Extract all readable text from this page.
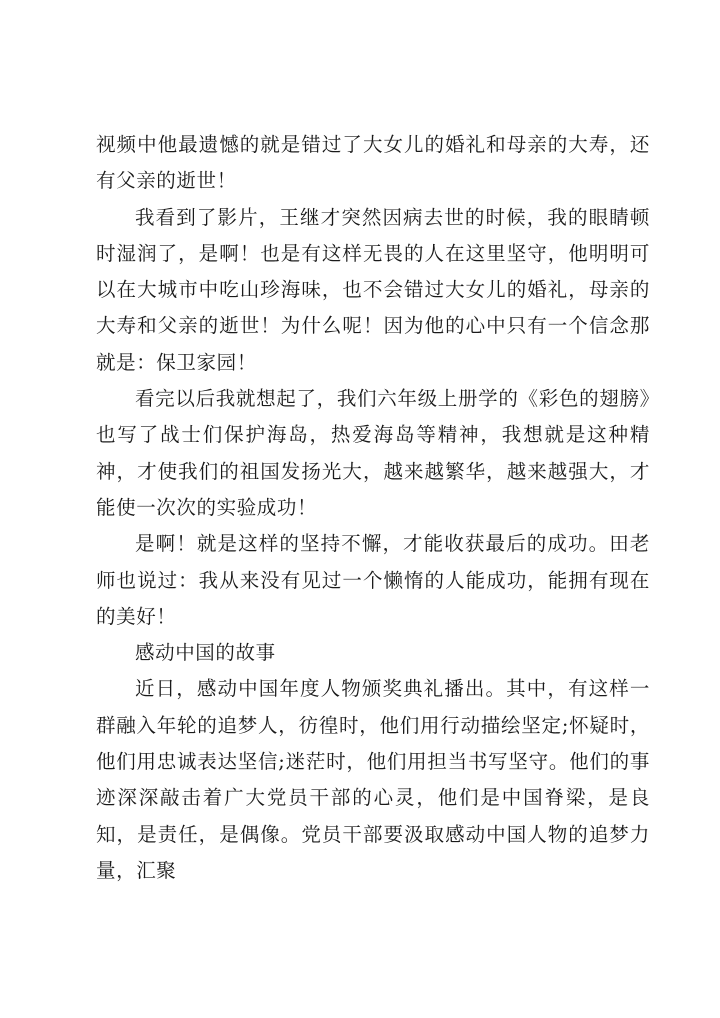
视频中他最遗憾的就是错过了大女儿的婚礼和母亲的大寿，还有父亲的逝世！

我看到了影片，王继才突然因病去世的时候，我的眼睛顿时湿润了，是啊！也是有这样无畏的人在这里坚守，他明明可以在大城市中吃山珍海味，也不会错过大女儿的婚礼，母亲的大寿和父亲的逝世！为什么呢！因为他的心中只有一个信念那就是：保卫家园！

看完以后我就想起了，我们六年级上册学的《彩色的翅膀》也写了战士们保护海岛，热爱海岛等精神，我想就是这种精神，才使我们的祖国发扬光大，越来越繁华，越来越强大，才能使一次次的实验成功！

是啊！就是这样的坚持不懈，才能收获最后的成功。田老师也说过：我从来没有见过一个懒惰的人能成功，能拥有现在的美好！

感动中国的故事

近日，感动中国年度人物颁奖典礼播出。其中，有这样一群融入年轮的追梦人，彷徨时，他们用行动描绘坚定;怀疑时，他们用忠诚表达坚信;迷茫时，他们用担当书写坚守。他们的事迹深深敲击着广大党员干部的心灵，他们是中国脊梁，是良知，是责任，是偶像。党员干部要汲取感动中国人物的追梦力量，汇聚
